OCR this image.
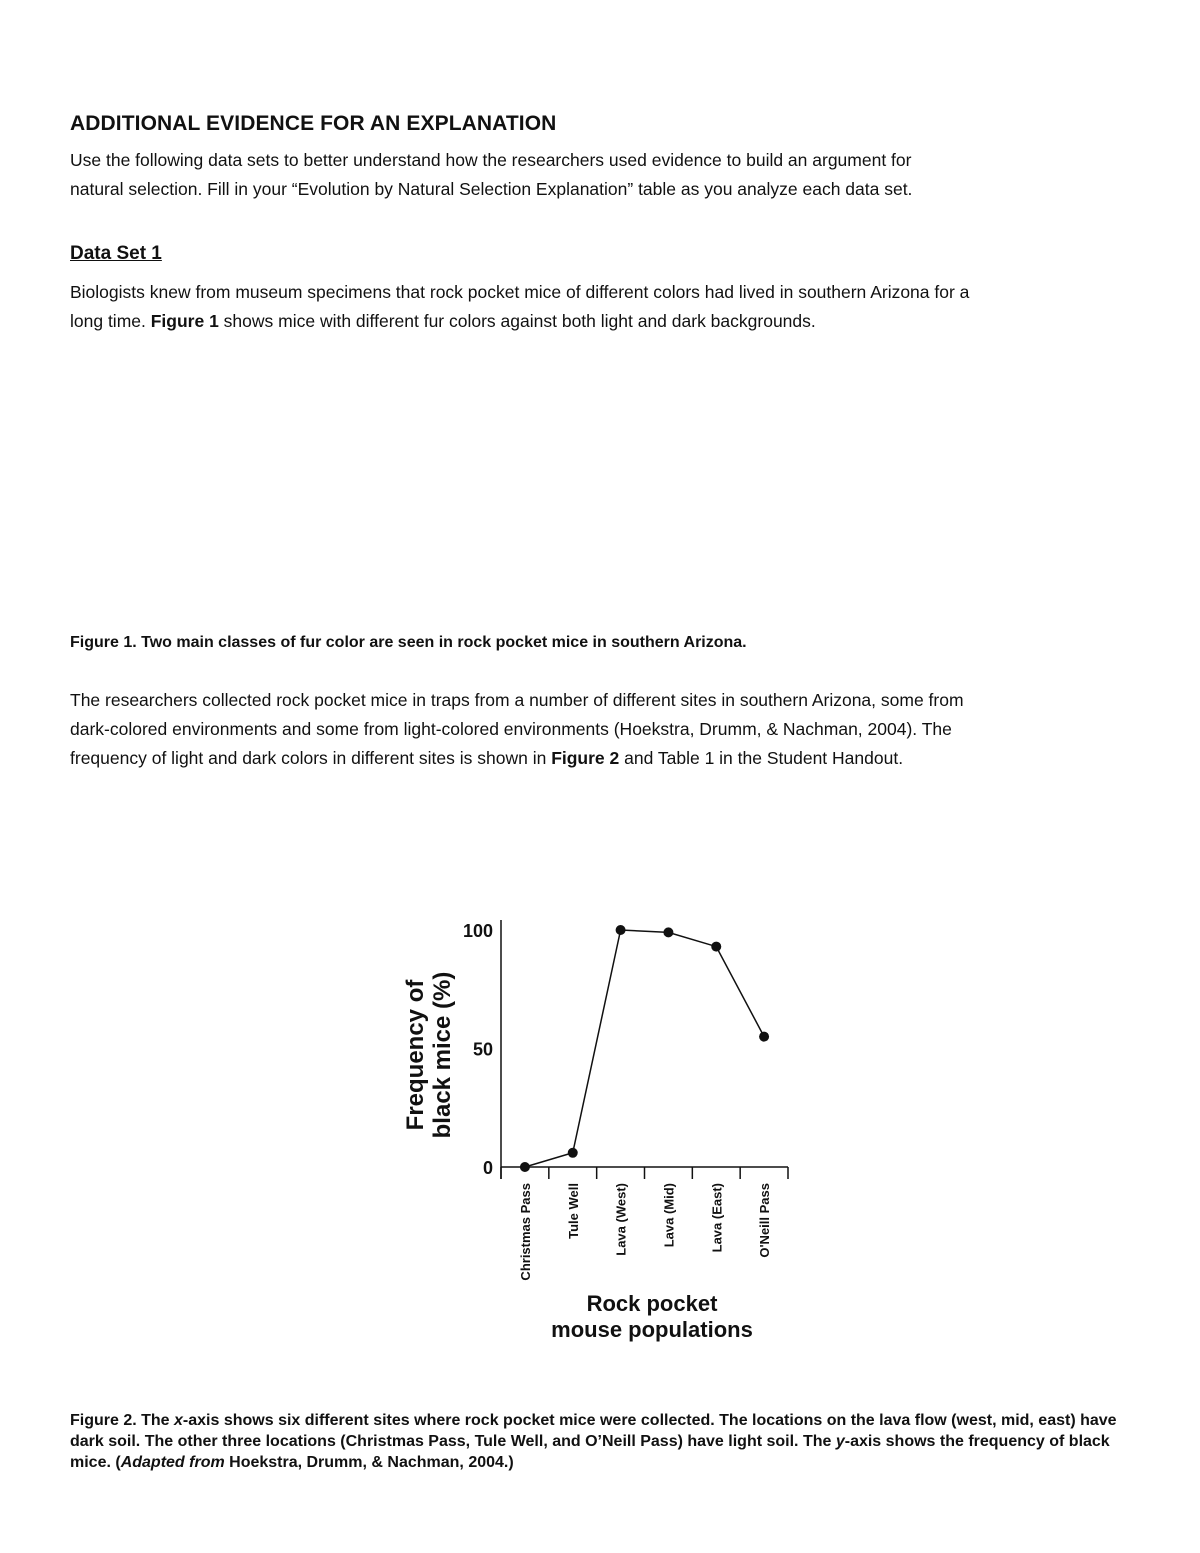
ADDITIONAL EVIDENCE FOR AN EXPLANATION
Use the following data sets to better understand how the researchers used evidence to build an argument for
natural selection. Fill in your “Evolution by Natural Selection Explanation” table as you analyze each data set.
Data Set 1
Biologists knew from museum specimens that rock pocket mice of different colors had lived in southern Arizona for a
long time. Figure 1 shows mice with different fur colors against both light and dark backgrounds.
Figure 1. Two main classes of fur color are seen in rock pocket mice in southern Arizona.
The researchers collected rock pocket mice in traps from a number of different sites in southern Arizona, some from
dark-colored environments and some from light-colored environments (Hoekstra, Drumm, & Nachman, 2004). The
frequency of light and dark colors in different sites is shown in Figure 2 and Table 1 in the Student Handout.
0
50
100
Christmas Pass	Tule Well	Lava (West)	Lava (Mid)	Lava (East)	O'Neill Pass
Frequency of black mice (%)
Rock pocket
mouse populations
Figure 2. The x-axis shows six different sites where rock pocket mice were collected. The locations on the lava flow (west, mid, east) have dark soil. The other three locations (Christmas Pass, Tule Well, and O’Neill Pass) have light soil. The y-axis shows the frequency of black mice. (Adapted from Hoekstra, Drumm, & Nachman, 2004.)
